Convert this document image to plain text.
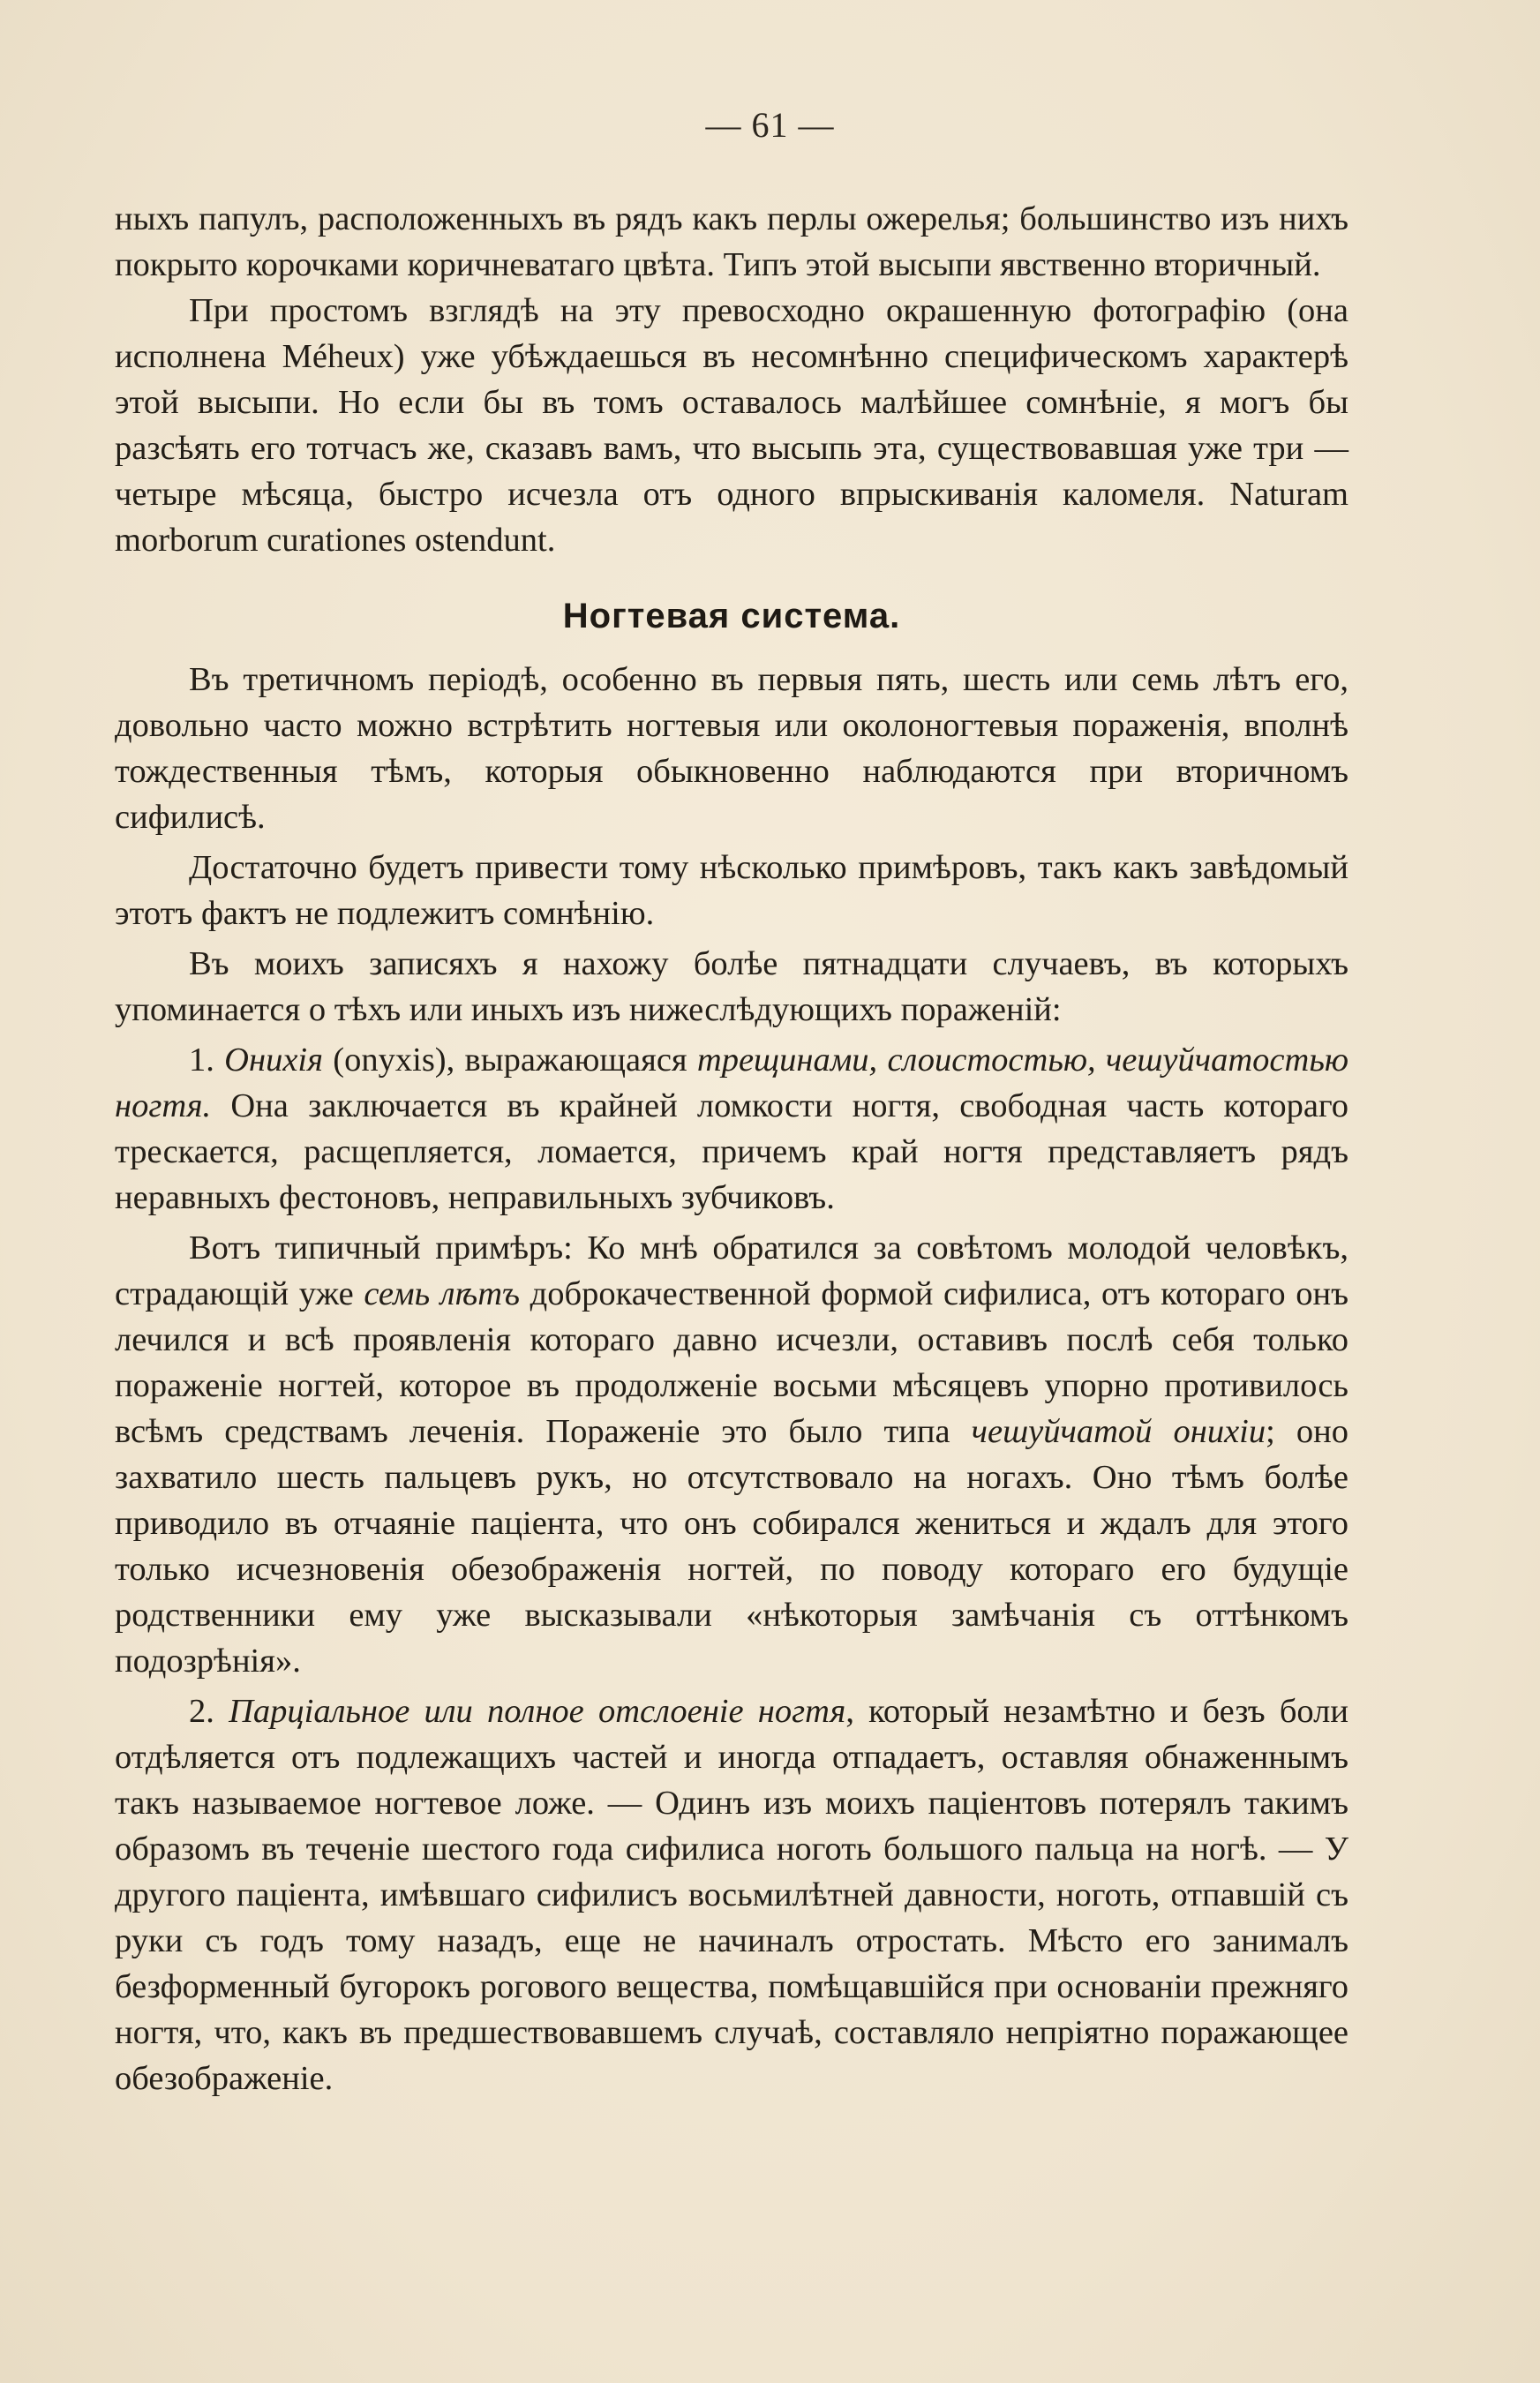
— 61 —

ныхъ папулъ, расположенныхъ въ рядъ какъ перлы ожерелья; большинство изъ нихъ покрыто корочками коричневатаго цвѣта. Типъ этой высыпи явственно вторичный.

При простомъ взглядѣ на эту превосходно окрашенную фотографію (она исполнена Méheux) уже убѣждаешься въ несомнѣнно специфическомъ характерѣ этой высыпи. Но если бы въ томъ оставалось малѣйшее сомнѣніе, я могъ бы разсѣять его тотчасъ же, сказавъ вамъ, что высыпь эта, существовавшая уже три — четыре мѣсяца, быстро исчезла отъ одного впрыскиванія каломеля. Naturam morborum curationes ostendunt.

Ногтевая система.

Въ третичномъ періодѣ, особенно въ первыя пять, шесть или семь лѣтъ его, довольно часто можно встрѣтить ногтевыя или околоногтевыя пораженія, вполнѣ тождественныя тѣмъ, которыя обыкновенно наблюдаются при вторичномъ сифилисѣ.

Достаточно будетъ привести тому нѣсколько примѣровъ, такъ какъ завѣдомый этотъ фактъ не подлежитъ сомнѣнію.

Въ моихъ записяхъ я нахожу болѣе пятнадцати случаевъ, въ которыхъ упоминается о тѣхъ или иныхъ изъ нижеслѣдующихъ пораженій:

1. Онихія (onyxis), выражающаяся трещинами, слоистостью, чешуйчатостью ногтя. Она заключается въ крайней ломкости ногтя, свободная часть котораго трескается, расщепляется, ломается, причемъ край ногтя представляетъ рядъ неравныхъ фестоновъ, неправильныхъ зубчиковъ.

Вотъ типичный примѣръ: Ко мнѣ обратился за совѣтомъ молодой человѣкъ, страдающій уже семь лѣтъ доброкачественной формой сифилиса, отъ котораго онъ лечился и всѣ проявленія котораго давно исчезли, оставивъ послѣ себя только пораженіе ногтей, которое въ продолженіе восьми мѣсяцевъ упорно противилось всѣмъ средствамъ леченія. Пораженіе это было типа чешуйчатой онихіи; оно захватило шесть пальцевъ рукъ, но отсутствовало на ногахъ. Оно тѣмъ болѣе приводило въ отчаяніе паціента, что онъ собирался жениться и ждалъ для этого только исчезновенія обезображенія ногтей, по поводу котораго его будущіе родственники ему уже высказывали «нѣкоторыя замѣчанія съ оттѣнкомъ подозрѣнія».

2. Парціальное или полное отслоеніе ногтя, который незамѣтно и безъ боли отдѣляется отъ подлежащихъ частей и иногда отпадаетъ, оставляя обнаженнымъ такъ называемое ногтевое ложе. — Одинъ изъ моихъ паціентовъ потерялъ такимъ образомъ въ теченіе шестого года сифилиса ноготь большого пальца на ногѣ. — У другого паціента, имѣвшаго сифилисъ восьмилѣтней давности, ноготь, отпавшій съ руки съ годъ тому назадъ, еще не начиналъ отростать. Мѣсто его занималъ безформенный бугорокъ рогового вещества, помѣщавшійся при основаніи прежняго ногтя, что, какъ въ предшествовавшемъ случаѣ, составляло непріятно поражающее обезображеніе.
